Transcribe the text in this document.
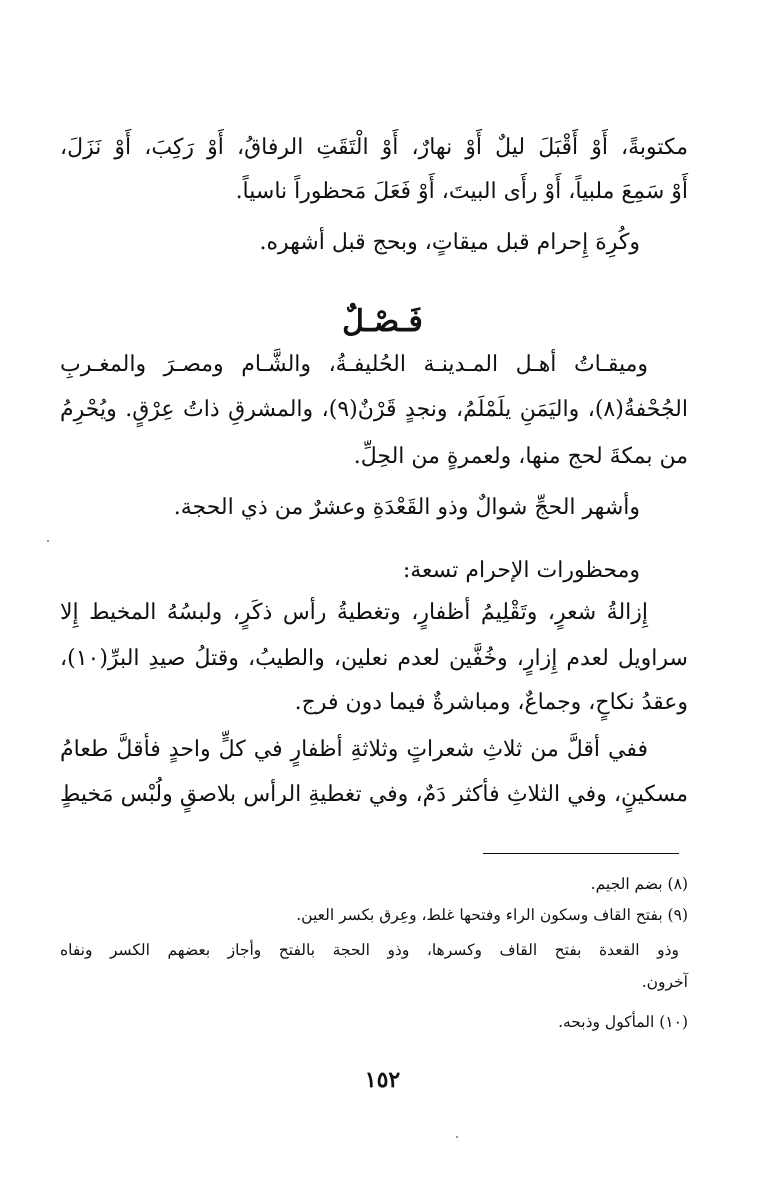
مكتوبةً، أَوْ أَقْبَلَ ليلٌ أَوْ نهارٌ، أَوْ الْتَقَتِ الرفاقُ، أَوْ رَكِبَ، أَوْ نَزَلَ،
أَوْ سَمِعَ ملبياً، أَوْ رأَى البيتَ، أَوْ فَعَلَ مَحظوراً ناسياً.
وكُرِهَ إِحرام قبل ميقاتٍ، وبحج قبل أشهره.
فَـصْـلٌ
وميقـاتُ أهـل المـدينـة الحُليفـةُ، والشَّـام ومصـرَ والمغـربِ
الجُحْفةُ(٨)، واليَمَنِ يلَمْلَمُ، ونجدٍ قَرْنٌ(٩)، والمشرقِ ذاتُ عِرْقٍ. ويُحْرِمُ
من بمكةَ لحج منها، ولعمرةٍ من الحِلِّ.
وأشهر الحجِّ شوالٌ وذو القَعْدَةِ وعشرٌ من ذي الحجة.
ومحظورات الإحرام تسعة:
إِزالةُ شعرٍ، وتَقْلِيمُ أظفارٍ، وتغطيةُ رأس ذكَرٍ، ولبسُهُ المخيط إِلا
سراويل لعدم إِزارٍ، وخُفَّين لعدم نعلين، والطيبُ، وقتلُ صيدِ البرِّ(١٠)،
وعقدُ نكاحٍ، وجماعٌ، ومباشرةٌ فيما دون فرج.
ففي أقلَّ من ثلاثِ شعراتٍ وثلاثةِ أظفارٍ في كلٍّ واحدٍ فأقلَّ طعامُ
مسكينٍ، وفي الثلاثِ فأكثر دَمٌ، وفي تغطيةِ الرأس بلاصقٍ ولُبْس مَخيطٍ
(٨) بضم الجيم.
(٩) بفتح القاف وسكون الراء وفتحها غلط، وعِرق بكسر العين.
وذو القعدة بفتح القاف وكسرها، وذو الحجة بالفتح وأجاز بعضهم الكسر ونفاه
آخرون.
(١٠) المأكول وذبحه.
١٥٢
